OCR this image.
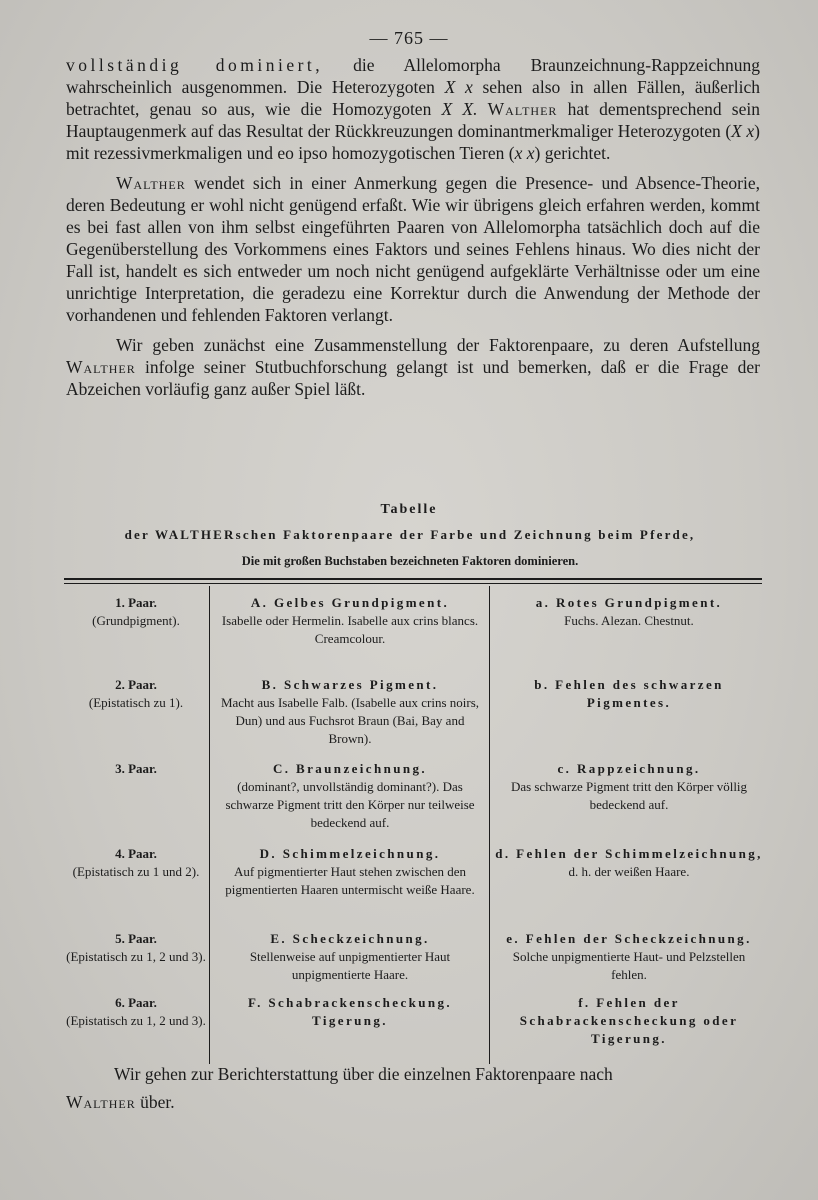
— 765 —

vollständig dominiert, die Allelomorpha Braunzeichnung-Rappzeichnung wahrscheinlich ausgenommen. Die Heterozygoten X x sehen also in allen Fällen, äußerlich betrachtet, genau so aus, wie die Homozygoten X X. Walther hat dementsprechend sein Hauptaugenmerk auf das Resultat der Rückkreuzungen dominantmerkmaliger Heterozygoten (X x) mit rezessivmerkmaligen und eo ipso homozygotischen Tieren (x x) gerichtet.

Walther wendet sich in einer Anmerkung gegen die Presence- und Absence-Theorie, deren Bedeutung er wohl nicht genügend erfaßt. Wie wir übrigens gleich erfahren werden, kommt es bei fast allen von ihm selbst eingeführten Paaren von Allelomorpha tatsächlich doch auf die Gegenüberstellung des Vorkommens eines Faktors und seines Fehlens hinaus. Wo dies nicht der Fall ist, handelt es sich entweder um noch nicht genügend aufgeklärte Verhältnisse oder um eine unrichtige Interpretation, die geradezu eine Korrektur durch die Anwendung der Methode der vorhandenen und fehlenden Faktoren verlangt.

Wir geben zunächst eine Zusammenstellung der Faktorenpaare, zu deren Aufstellung Walther infolge seiner Stutbuchforschung gelangt ist und bemerken, daß er die Frage der Abzeichen vorläufig ganz außer Spiel läßt.

Tabelle
der WALTHERschen Faktorenpaare der Farbe und Zeichnung beim Pferde,
Die mit großen Buchstaben bezeichneten Faktoren dominieren.
1. Paar.
(Grundpigment).
A. Gelbes Grundpigment.
Isabelle oder Hermelin. Isabelle aux crins blancs. Creamcolour.
a. Rotes Grundpigment.
Fuchs. Alezan. Chestnut.
2. Paar.
(Epistatisch zu 1).
B. Schwarzes Pigment.
Macht aus Isabelle Falb. (Isabelle aux crins noirs, Dun) und aus Fuchsrot Braun (Bai, Bay and Brown).
b. Fehlen des schwarzen Pigmentes.
3. Paar.	C. Braunzeichnung.
(dominant?, unvollständig dominant?). Das schwarze Pigment tritt den Körper nur teilweise bedeckend auf.
c. Rappzeichnung.
Das schwarze Pigment tritt den Körper völlig bedeckend auf.
4. Paar.
(Epistatisch zu 1 und 2).
D. Schimmelzeichnung.
Auf pigmentierter Haut stehen zwischen den pigmentierten Haaren untermischt weiße Haare.
d. Fehlen der Schimmelzeichnung,
d. h. der weißen Haare.
5. Paar.
(Epistatisch zu 1, 2 und 3).
E. Scheckzeichnung.
Stellenweise auf unpigmentierter Haut unpigmentierte Haare.
e. Fehlen der Scheckzeichnung.
Solche unpigmentierte Haut- und Pelzstellen fehlen.
6. Paar.
(Epistatisch zu 1, 2 und 3).
F. Schabrackenscheckung. Tigerung.
f. Fehlen der Schabrackenscheckung oder Tigerung.
Wir gehen zur Berichterstattung über die einzelnen Faktorenpaare nach
Walther über.
